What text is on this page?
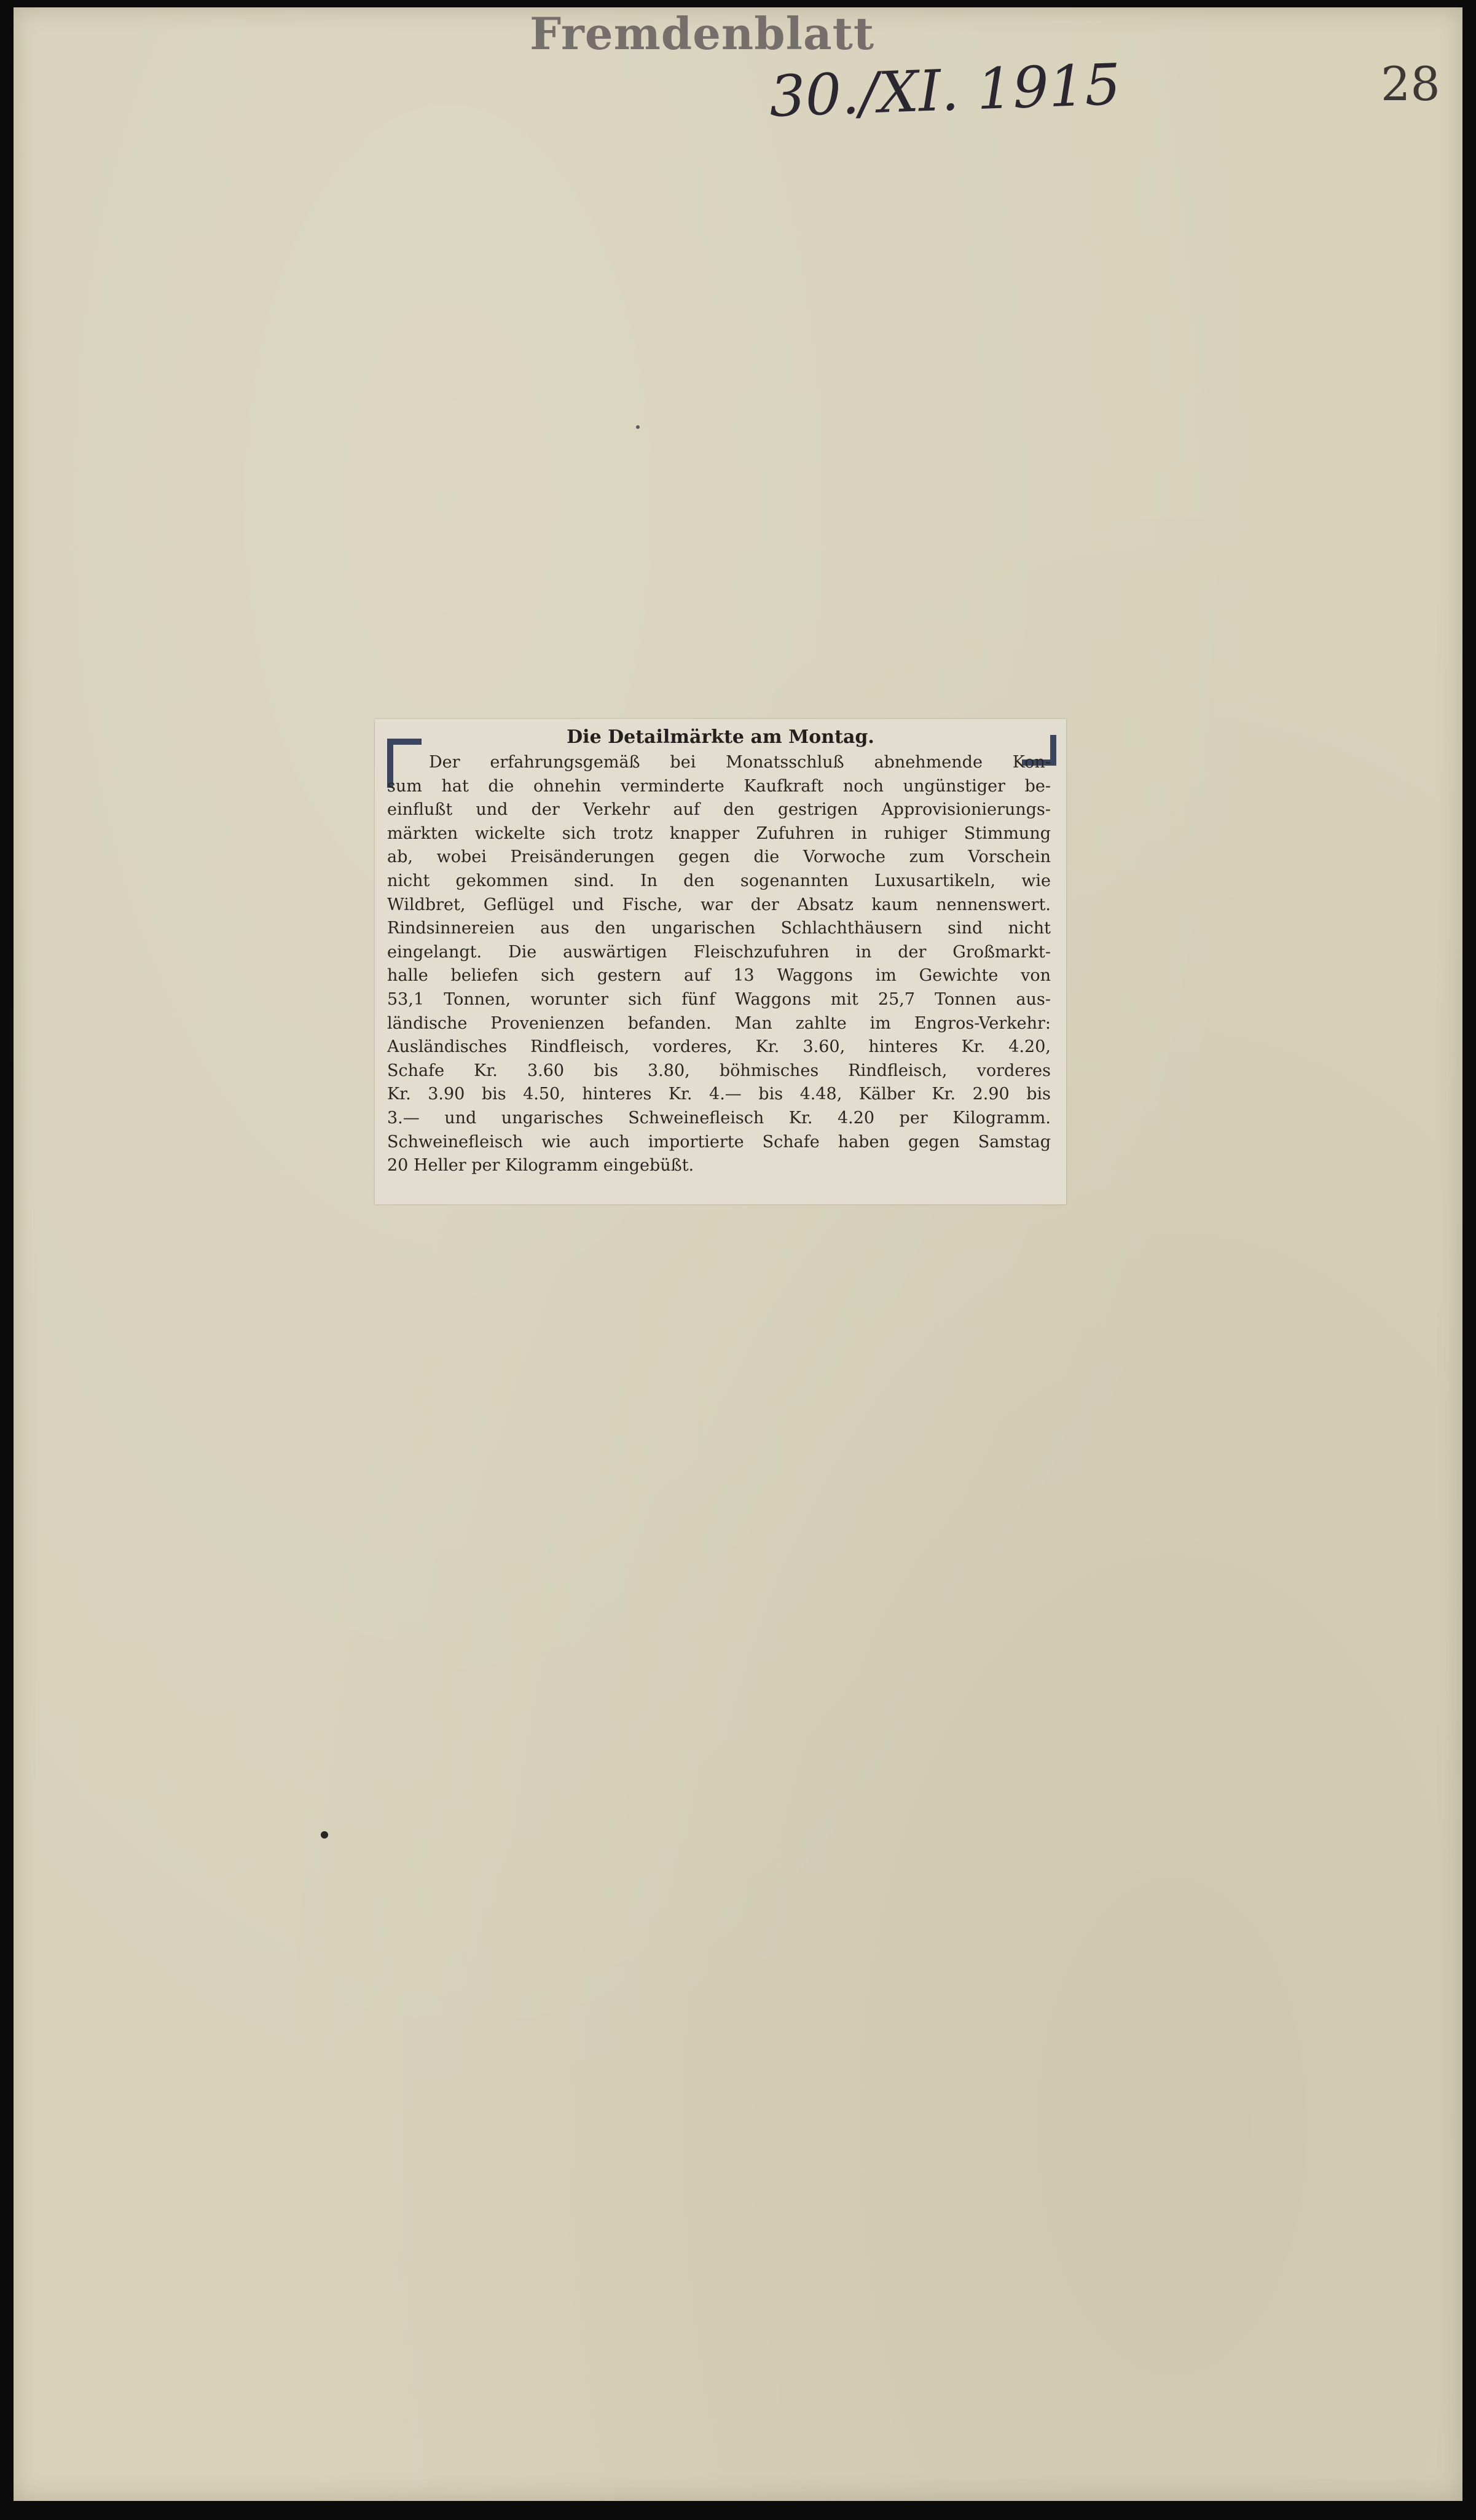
Fremdenblatt
30./XI. 1915	28
Die Detailmärkte am Montag.
Der erfahrungsgemäß bei Monatsschluß abnehmende Kon-
sum hat die ohnehin verminderte Kaufkraft noch ungünstiger be-
einflußt und der Verkehr auf den gestrigen Approvisionierungs-
märkten wickelte sich trotz knapper Zufuhren in ruhiger Stimmung
ab, wobei Preisänderungen gegen die Vorwoche zum Vorschein
nicht gekommen sind. In den sogenannten Luxusartikeln, wie
Wildbret, Geflügel und Fische, war der Absatz kaum nennenswert.
Rindsinnereien aus den ungarischen Schlachthäusern sind nicht
eingelangt. Die auswärtigen Fleischzufuhren in der Großmarkt-
halle beliefen sich gestern auf 13 Waggons im Gewichte von
53,1 Tonnen, worunter sich fünf Waggons mit 25,7 Tonnen aus-
ländische Provenienzen befanden. Man zahlte im Engros-Verkehr:
Ausländisches Rindfleisch, vorderes, Kr. 3.60, hinteres Kr. 4.20,
Schafe Kr. 3.60 bis 3.80, böhmisches Rindfleisch, vorderes
Kr. 3.90 bis 4.50, hinteres Kr. 4.— bis 4.48, Kälber Kr. 2.90 bis
3.— und ungarisches Schweinefleisch Kr. 4.20 per Kilogramm.
Schweinefleisch wie auch importierte Schafe haben gegen Samstag
20 Heller per Kilogramm eingebüßt.
